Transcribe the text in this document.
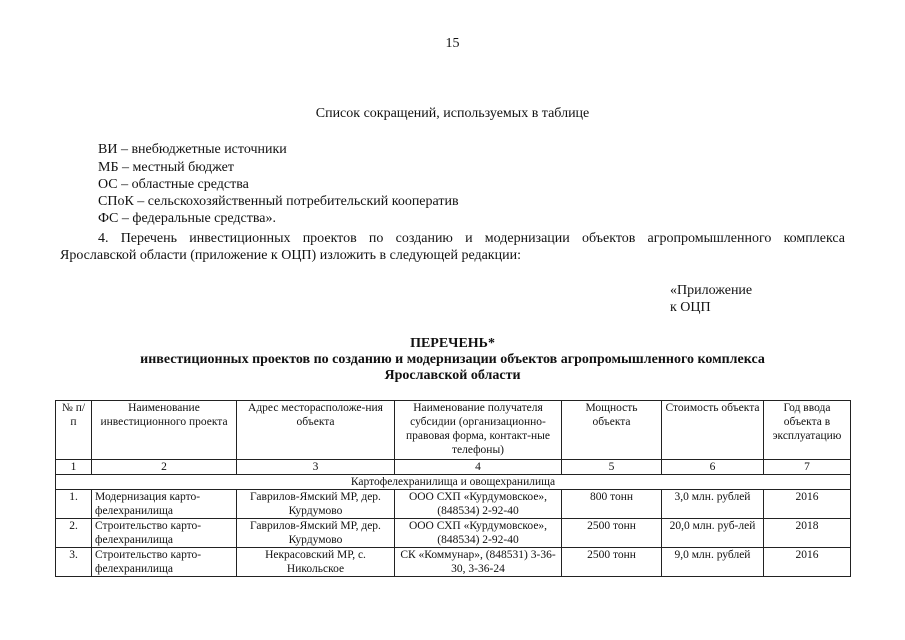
15
Список сокращений, используемых в таблице
ВИ – внебюджетные источники
МБ – местный бюджет
ОС – областные средства
СПоК – сельскохозяйственный потребительский кооператив
ФС – федеральные средства».
4. Перечень инвестиционных проектов по созданию и модернизации объектов агропромышленного комплекса
Ярославской области (приложение к ОЦП) изложить в следующей редакции:
«Приложение
к ОЦП
ПЕРЕЧЕНЬ*
инвестиционных проектов по созданию и модернизации объектов агропромышленного комплекса
Ярославской области
№ п/п	Наименование инвестиционного проекта	Адрес месторасположе-ния объекта	Наименование получателя субсидии (организационно-правовая форма, контакт-ные телефоны)	Мощность объекта	Стоимость объекта	Год ввода объекта в эксплуатацию
1	2	3	4	5	6	7
Картофелехранилища и овощехранилища						
1.	Модернизация карто-фелехранилища	Гаврилов-Ямский МР, дер. Курдумово	ООО СХП «Курдумовское», (848534) 2-92-40	800 тонн	3,0 млн. рублей	2016
2.	Строительство карто-фелехранилища	Гаврилов-Ямский МР, дер. Курдумово	ООО СХП «Курдумовское», (848534) 2-92-40	2500 тонн	20,0 млн. руб-лей	2018
3.	Строительство карто-фелехранилища	Некрасовский МР, с. Никольское	СК «Коммунар», (848531) 3-36-30, 3-36-24	2500 тонн	9,0 млн. рублей	2016
